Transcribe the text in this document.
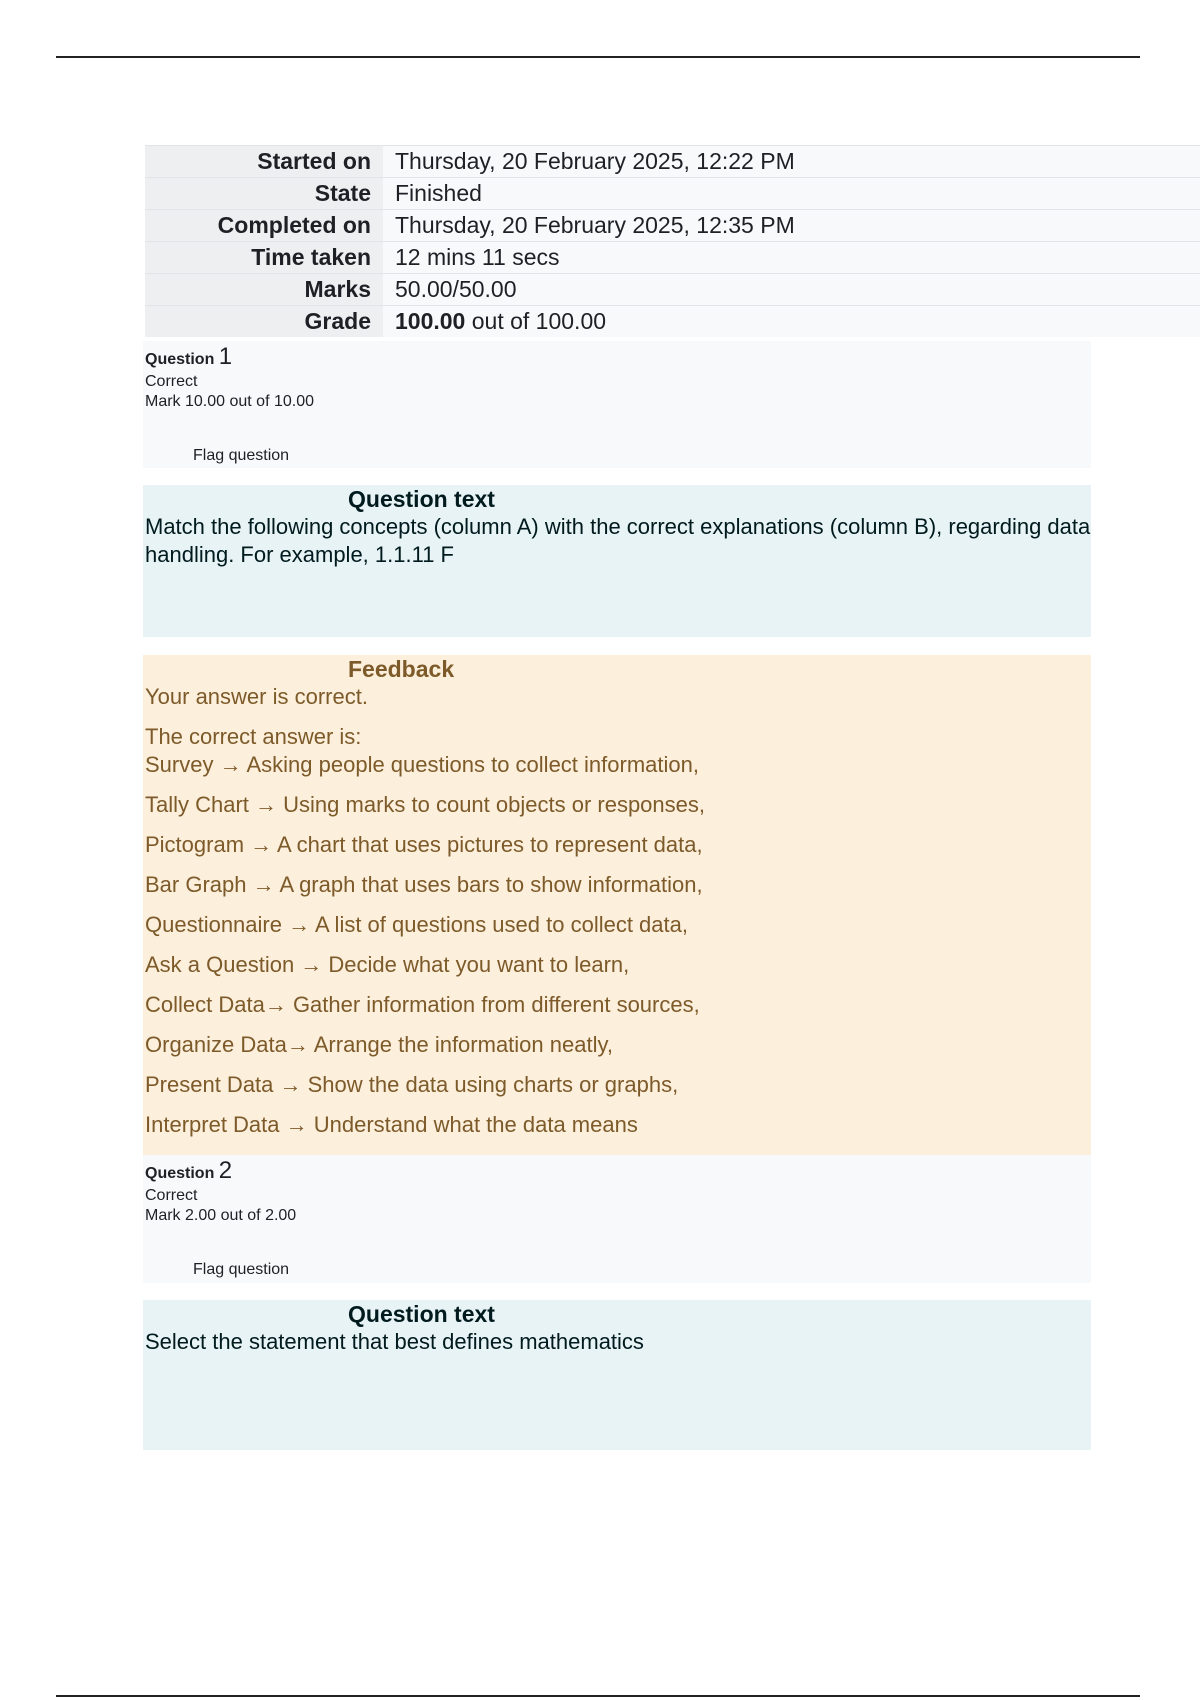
Started on	Thursday, 20 February 2025, 12:22 PM
State	Finished
Completed on	Thursday, 20 February 2025, 12:35 PM
Time taken	12 mins 11 secs
Marks	50.00/50.00
Grade	100.00 out of 100.00
Question 1
Correct
Mark 10.00 out of 10.00
Flag question
Question text
Match the following concepts (column A) with the correct explanations (column B), regarding data handling. For example, 1.1.11 F
Feedback
Your answer is correct.
The correct answer is:
Survey → Asking people questions to collect information,
Tally Chart → Using marks to count objects or responses,
Pictogram → A chart that uses pictures to represent data,
Bar Graph → A graph that uses bars to show information,
Questionnaire → A list of questions used to collect data,
Ask a Question → Decide what you want to learn,
Collect Data→ Gather information from different sources,
Organize Data→ Arrange the information neatly,
Present Data → Show the data using charts or graphs,
Interpret Data → Understand what the data means
Question 2
Correct
Mark 2.00 out of 2.00
Flag question
Question text
Select the statement that best defines mathematics
